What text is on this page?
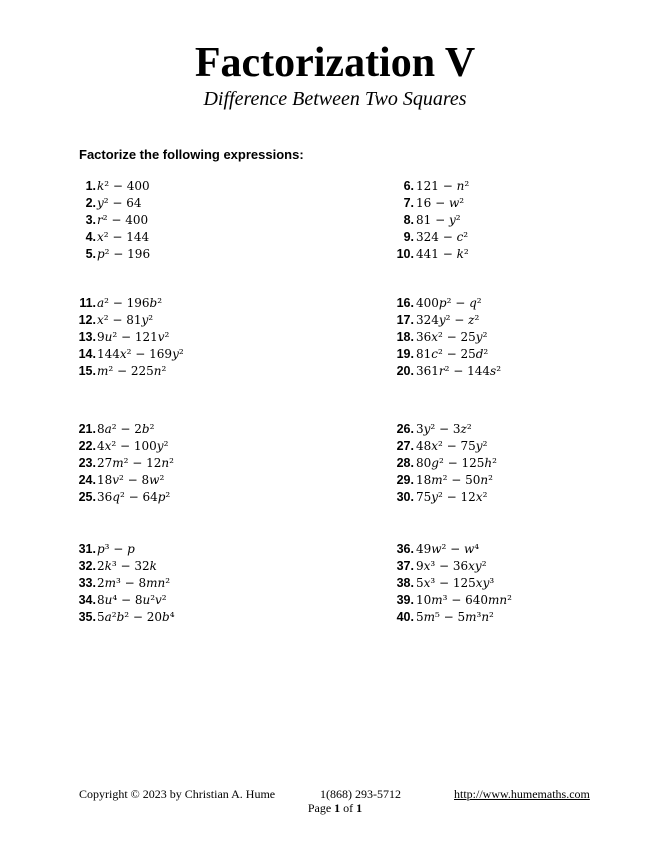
Factorization V
Difference Between Two Squares
Factorize the following expressions:
1. 𝑘² − 400
2. 𝑦² − 64
3. 𝑟² − 400
4. 𝑥² − 144
5. 𝑝² − 196
6. 121 − 𝑛²
7. 16 − 𝑤²
8. 81 − 𝑦²
9. 324 − 𝑐²
10. 441 − 𝑘²
11. 𝑎² − 196𝑏²
12. 𝑥² − 81𝑦²
13. 9𝑢² − 121𝑣²
14. 144𝑥² − 169𝑦²
15. 𝑚² − 225𝑛²
16. 400𝑝² − 𝑞²
17. 324𝑦² − 𝑧²
18. 36𝑥² − 25𝑦²
19. 81𝑐² − 25𝑑²
20. 361𝑟² − 144𝑠²
21. 8𝑎² − 2𝑏²
22. 4𝑥² − 100𝑦²
23. 27𝑚² − 12𝑛²
24. 18𝑣² − 8𝑤²
25. 36𝑞² − 64𝑝²
26. 3𝑦² − 3𝑧²
27. 48𝑥² − 75𝑦²
28. 80𝑔² − 125ℎ²
29. 18𝑚² − 50𝑛²
30. 75𝑦² − 12𝑥²
31. 𝑝³ − 𝑝
32. 2𝑘³ − 32𝑘
33. 2𝑚³ − 8𝑚𝑛²
34. 8𝑢⁴ − 8𝑢²𝑣²
35. 5𝑎²𝑏² − 20𝑏⁴
36. 49𝑤² − 𝑤⁴
37. 9𝑥³ − 36𝑥𝑦²
38. 5𝑥³ − 125𝑥𝑦³
39. 10𝑚³ − 640𝑚𝑛²
40. 5𝑚⁵ − 5𝑚³𝑛²
Copyright © 2023 by Christian A. Hume	1(868) 293-5712	http://www.humemaths.com
Page 1 of 1
